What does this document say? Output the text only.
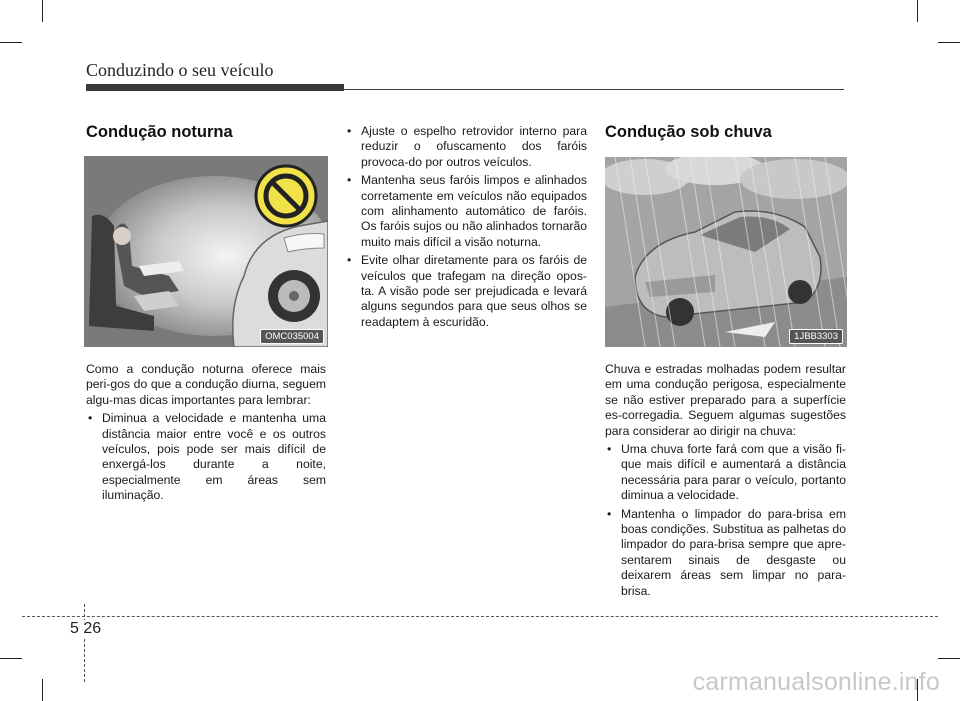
Conduzindo o seu veículo
Condução noturna
OMC035004

Como a condução noturna oferece mais peri-gos do que a condução diurna, seguem algu-mas dicas importantes para lembrar:

• Diminua a velocidade e mantenha uma distância maior entre você e os outros veículos, pois pode ser mais difícil de enxergá-los durante a noite, especialmente em áreas sem iluminação.
• Ajuste o espelho retrovidor interno para reduzir o ofuscamento dos faróis provoca-do por outros veículos.
• Mantenha seus faróis limpos e alinhados corretamente em veículos não equipados com alinhamento automático de faróis. Os faróis sujos ou não alinhados tornarão muito mais difícil a visão noturna.
• Evite olhar diretamente para os faróis de veículos que trafegam na direção opos-ta. A visão pode ser prejudicada e levará alguns segundos para que seus olhos se readaptem à escuridão.
Condução sob chuva
1JBB3303

Chuva e estradas molhadas podem resultar em uma condução perigosa, especialmente se não estiver preparado para a superfície es-corregadia. Seguem algumas sugestões para considerar ao dirigir na chuva:

• Uma chuva forte fará com que a visão fi-que mais difícil e aumentará a distância necessária para parar o veículo, portanto diminua a velocidade.
• Mantenha o limpador do para-brisa em boas condições. Substitua as palhetas do limpador do para-brisa sempre que apre-sentarem sinais de desgaste ou deixarem áreas sem limpar no para-brisa.
5 26
carmanualsonline.info
